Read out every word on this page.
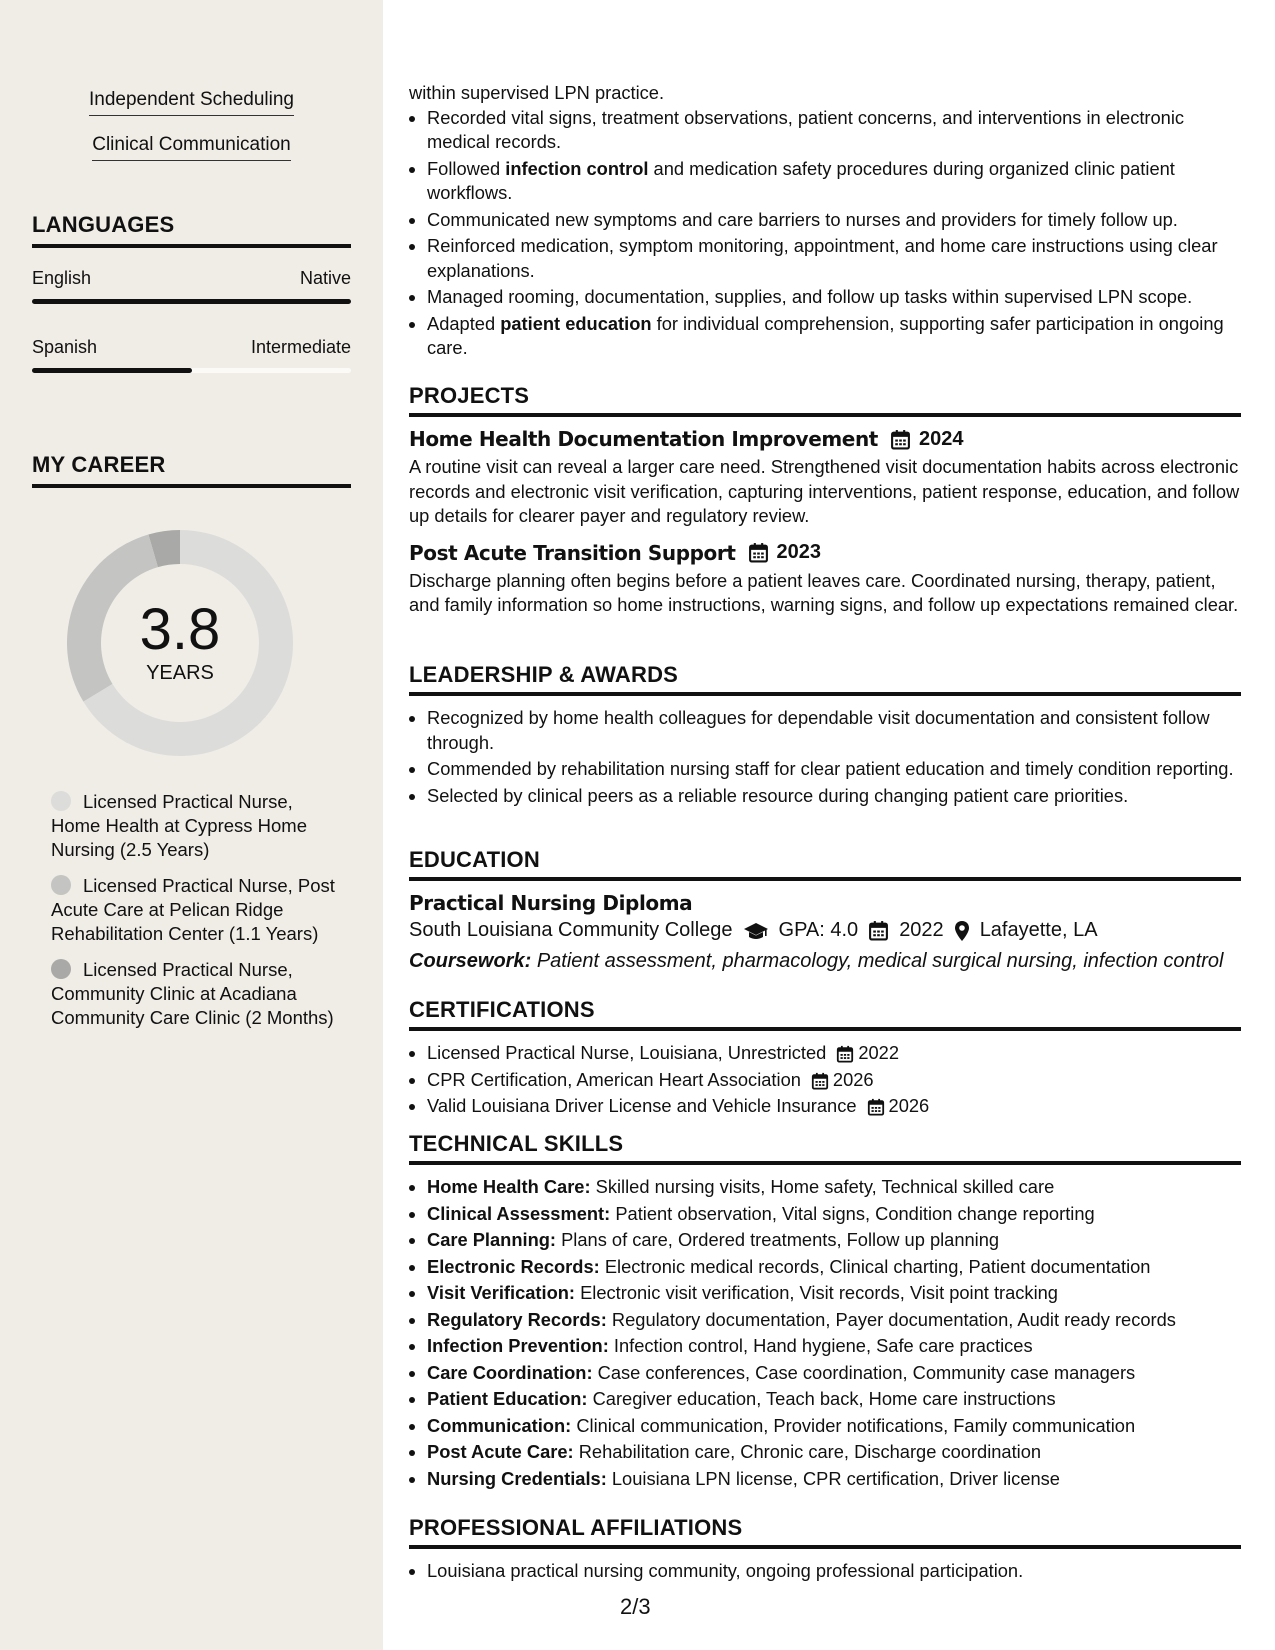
Independent Scheduling
Clinical Communication
LANGUAGES
English	Native
Spanish	Intermediate
MY CAREER
3.8
YEARS
Licensed Practical Nurse, Home Health at Cypress Home Nursing (2.5 Years)
Licensed Practical Nurse, Post Acute Care at Pelican Ridge Rehabilitation Center (1.1 Years)
Licensed Practical Nurse, Community Clinic at Acadiana Community Care Clinic (2 Months)

within supervised LPN practice.

• Recorded vital signs, treatment observations, patient concerns, and interventions in electronic medical records.
• Followed infection control and medication safety procedures during organized clinic patient workflows.
• Communicated new symptoms and care barriers to nurses and providers for timely follow up.
• Reinforced medication, symptom monitoring, appointment, and home care instructions using clear explanations.
• Managed rooming, documentation, supplies, and follow up tasks within supervised LPN scope.
• Adapted patient education for individual comprehension, supporting safer participation in ongoing care.
PROJECTS
Home Health Documentation Improvement 2024

A routine visit can reveal a larger care need. Strengthened visit documentation habits across electronic records and electronic visit verification, capturing interventions, patient response, education, and follow up details for clearer payer and regulatory review.

Post Acute Transition Support 2023

Discharge planning often begins before a patient leaves care. Coordinated nursing, therapy, patient, and family information so home instructions, warning signs, and follow up expectations remained clear.

LEADERSHIP & AWARDS
• Recognized by home health colleagues for dependable visit documentation and consistent follow through.
• Commended by rehabilitation nursing staff for clear patient education and timely condition reporting.
• Selected by clinical peers as a reliable resource during changing patient care priorities.
EDUCATION
Practical Nursing Diploma
South Louisiana Community College GPA: 4.0 2022 Lafayette, LA
Coursework: Patient assessment, pharmacology, medical surgical nursing, infection control
CERTIFICATIONS
• Licensed Practical Nurse, Louisiana, Unrestricted 2022
• CPR Certification, American Heart Association 2026
• Valid Louisiana Driver License and Vehicle Insurance 2026
TECHNICAL SKILLS
• Home Health Care: Skilled nursing visits, Home safety, Technical skilled care
• Clinical Assessment: Patient observation, Vital signs, Condition change reporting
• Care Planning: Plans of care, Ordered treatments, Follow up planning
• Electronic Records: Electronic medical records, Clinical charting, Patient documentation
• Visit Verification: Electronic visit verification, Visit records, Visit point tracking
• Regulatory Records: Regulatory documentation, Payer documentation, Audit ready records
• Infection Prevention: Infection control, Hand hygiene, Safe care practices
• Care Coordination: Case conferences, Case coordination, Community case managers
• Patient Education: Caregiver education, Teach back, Home care instructions
• Communication: Clinical communication, Provider notifications, Family communication
• Post Acute Care: Rehabilitation care, Chronic care, Discharge coordination
• Nursing Credentials: Louisiana LPN license, CPR certification, Driver license
PROFESSIONAL AFFILIATIONS
• Louisiana practical nursing community, ongoing professional participation.
2/3
